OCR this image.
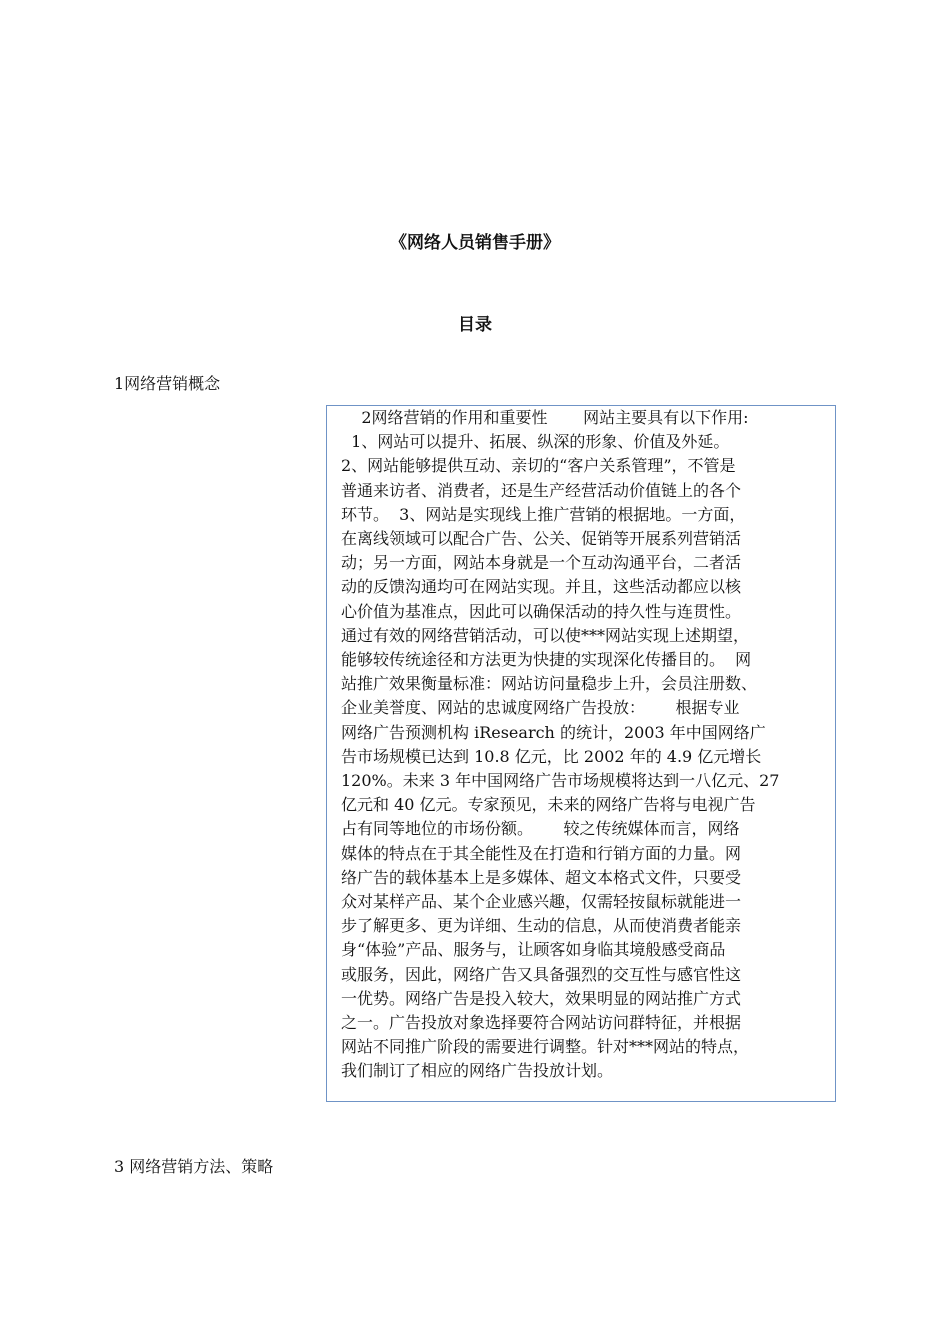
《网络人员销售手册》
目录
1网络营销概念

2网络营销的作用和重要性       网站主要具有以下作用:

1、网站可以提升、拓展、纵深的形象、价值及外延。

2、网站能够提供互动、亲切的“客户关系管理”，不管是

普通来访者、消费者，还是生产经营活动价值链上的各个

环节。  3、网站是实现线上推广营销的根据地。一方面，

在离线领域可以配合广告、公关、促销等开展系列营销活

动；另一方面，网站本身就是一个互动沟通平台，二者活

动的反馈沟通均可在网站实现。并且，这些活动都应以核

心价值为基准点，因此可以确保活动的持久性与连贯性。

通过有效的网络营销活动，可以使***网站实现上述期望，

能够较传统途径和方法更为快捷的实现深化传播目的。  网

站推广效果衡量标准：网站访问量稳步上升，会员注册数、

企业美誉度、网站的忠诚度网络广告投放：      根据专业

网络广告预测机构 iResearch 的统计，2003 年中国网络广

告市场规模已达到 10.8 亿元，比 2002 年的 4.9 亿元增长

120%。未来 3 年中国网络广告市场规模将达到一八亿元、27

亿元和 40 亿元。专家预见，未来的网络广告将与电视广告

占有同等地位的市场份额。      较之传统媒体而言，网络

媒体的特点在于其全能性及在打造和行销方面的力量。网

络广告的载体基本上是多媒体、超文本格式文件，只要受

众对某样产品、某个企业感兴趣，仅需轻按鼠标就能进一

步了解更多、更为详细、生动的信息，从而使消费者能亲

身“体验”产品、服务与，让顾客如身临其境般感受商品

或服务，因此，网络广告又具备强烈的交互性与感官性这

一优势。网络广告是投入较大，效果明显的网站推广方式

之一。广告投放对象选择要符合网站访问群特征，并根据

网站不同推广阶段的需要进行调整。针对***网站的特点，

我们制订了相应的网络广告投放计划。

3 网络营销方法、策略
